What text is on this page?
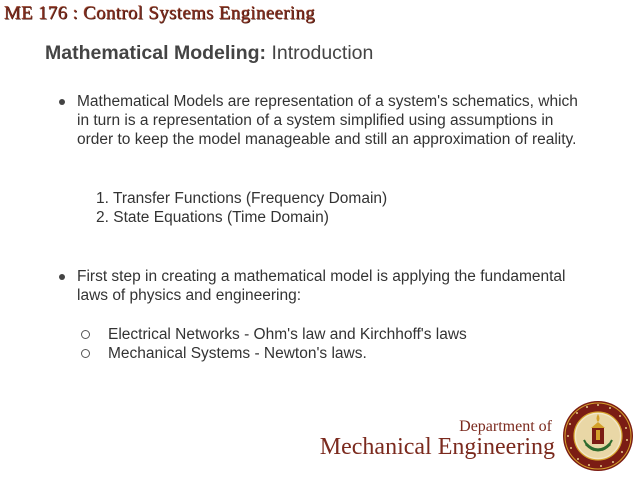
ME 176 : Control Systems Engineering
Mathematical Modeling: Introduction
Mathematical Models are representation of a system's schematics, which in turn is a representation of a system simplified using assumptions in order to keep the model manageable and still an approximation of reality.
1. Transfer Functions (Frequency Domain)
2. State Equations (Time Domain)
First step in creating a mathematical model is applying the fundamental laws of physics and engineering:
Electrical Networks - Ohm's law and Kirchhoff's laws
Mechanical Systems - Newton's laws.
Department of
Mechanical Engineering
